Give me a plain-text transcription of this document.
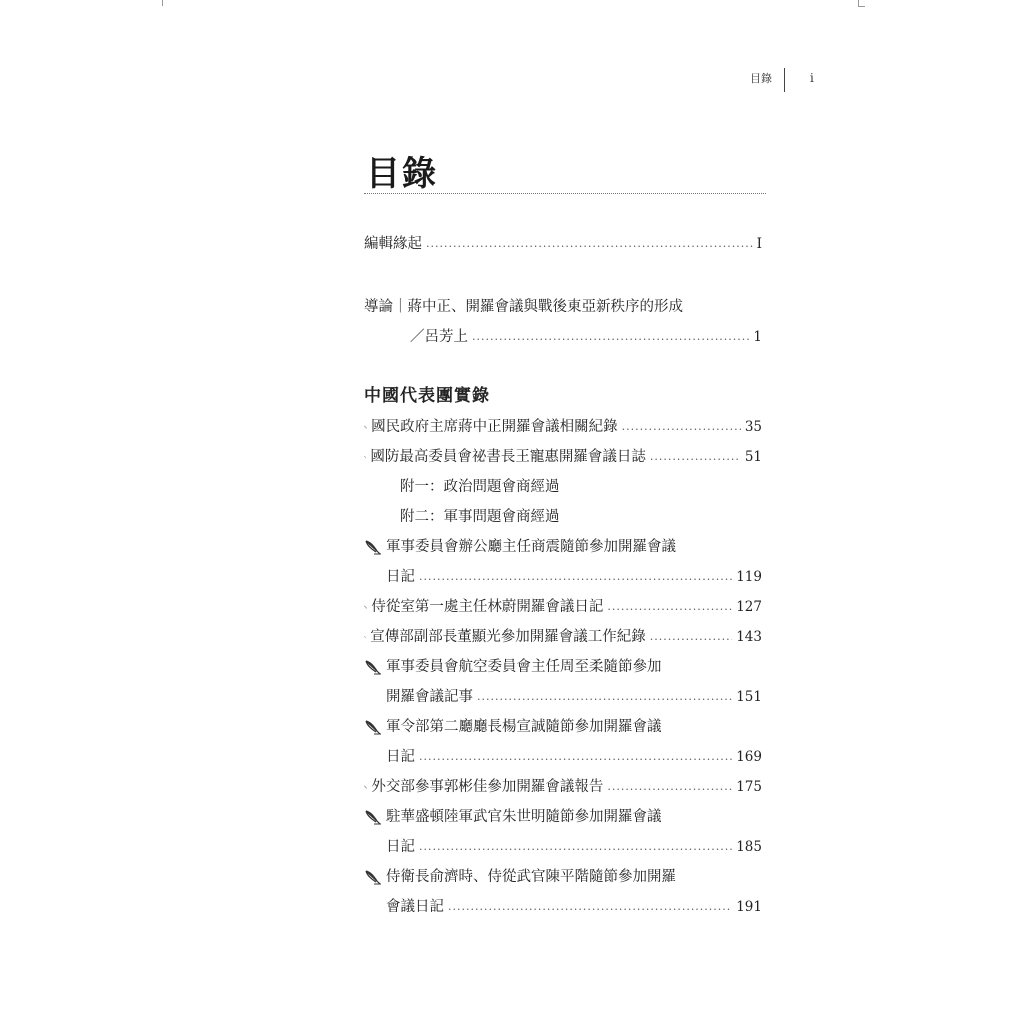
目錄	i
目錄
編輯緣起 .....	I
導論｜蔣中正、開羅會議與戰後東亞新秩序的形成
／呂芳上 .....	1
中國代表團實錄
國民政府主席蔣中正開羅會議相關紀錄 .....	35
國防最高委員會祕書長王寵惠開羅會議日誌 .....	51
附一：政治問題會商經過
附二：軍事問題會商經過
軍事委員會辦公廳主任商震隨節參加開羅會議
日記 .....	119
侍從室第一處主任林蔚開羅會議日記 .....	127
宣傳部副部長董顯光參加開羅會議工作紀錄 .....	143
軍事委員會航空委員會主任周至柔隨節參加
開羅會議記事 .....	151
軍令部第二廳廳長楊宣誠隨節參加開羅會議
日記 .....	169
外交部參事郭彬佳參加開羅會議報告 .....	175
駐華盛頓陸軍武官朱世明隨節參加開羅會議
日記 .....	185
侍衛長俞濟時、侍從武官陳平階隨節參加開羅
會議日記 .....	191
